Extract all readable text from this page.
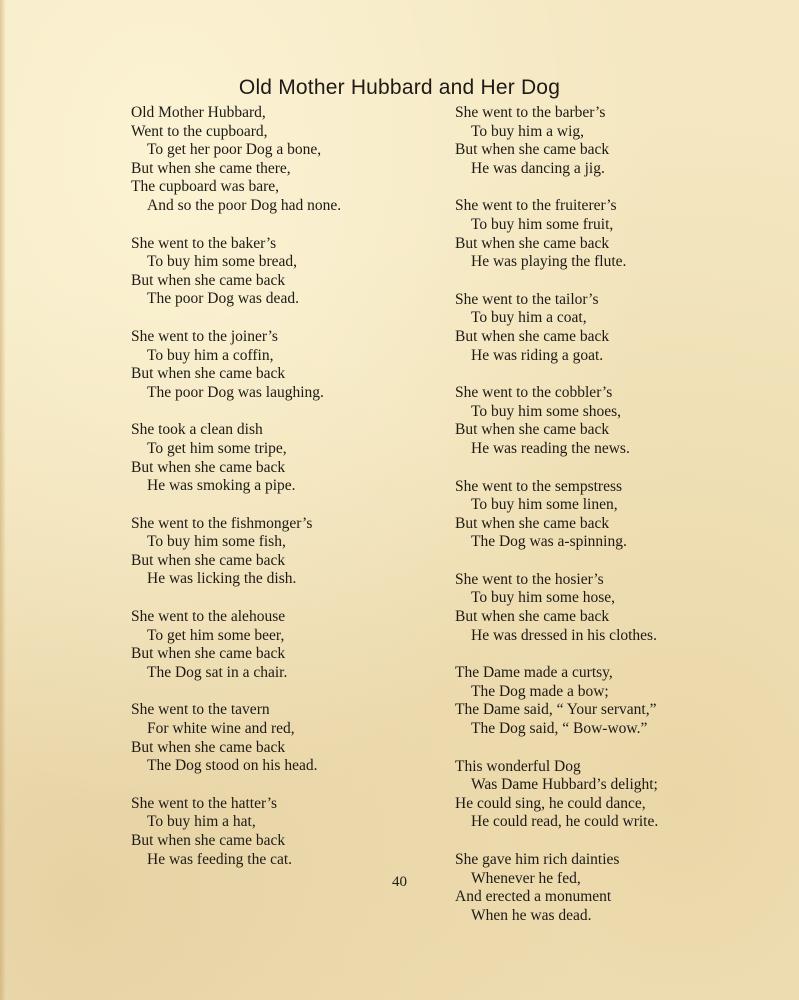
Old Mother Hubbard and Her Dog
Old Mother Hubbard,
Went to the cupboard,
To get her poor Dog a bone,
But when she came there,
The cupboard was bare,
And so the poor Dog had none.
She went to the baker’s
To buy him some bread,
But when she came back
The poor Dog was dead.
She went to the joiner’s
To buy him a coffin,
But when she came back
The poor Dog was laughing.
She took a clean dish
To get him some tripe,
But when she came back
He was smoking a pipe.
She went to the fishmonger’s
To buy him some fish,
But when she came back
He was licking the dish.
She went to the alehouse
To get him some beer,
But when she came back
The Dog sat in a chair.
She went to the tavern
For white wine and red,
But when she came back
The Dog stood on his head.
She went to the hatter’s
To buy him a hat,
But when she came back
He was feeding the cat.
She went to the barber’s
To buy him a wig,
But when she came back
He was dancing a jig.
She went to the fruiterer’s
To buy him some fruit,
But when she came back
He was playing the flute.
She went to the tailor’s
To buy him a coat,
But when she came back
He was riding a goat.
She went to the cobbler’s
To buy him some shoes,
But when she came back
He was reading the news.
She went to the sempstress
To buy him some linen,
But when she came back
The Dog was a-spinning.
She went to the hosier’s
To buy him some hose,
But when she came back
He was dressed in his clothes.
The Dame made a curtsy,
The Dog made a bow;
The Dame said, “ Your servant,”
The Dog said, “ Bow-wow.”
This wonderful Dog
Was Dame Hubbard’s delight;
He could sing, he could dance,
He could read, he could write.
She gave him rich dainties
Whenever he fed,
And erected a monument
When he was dead.
40
